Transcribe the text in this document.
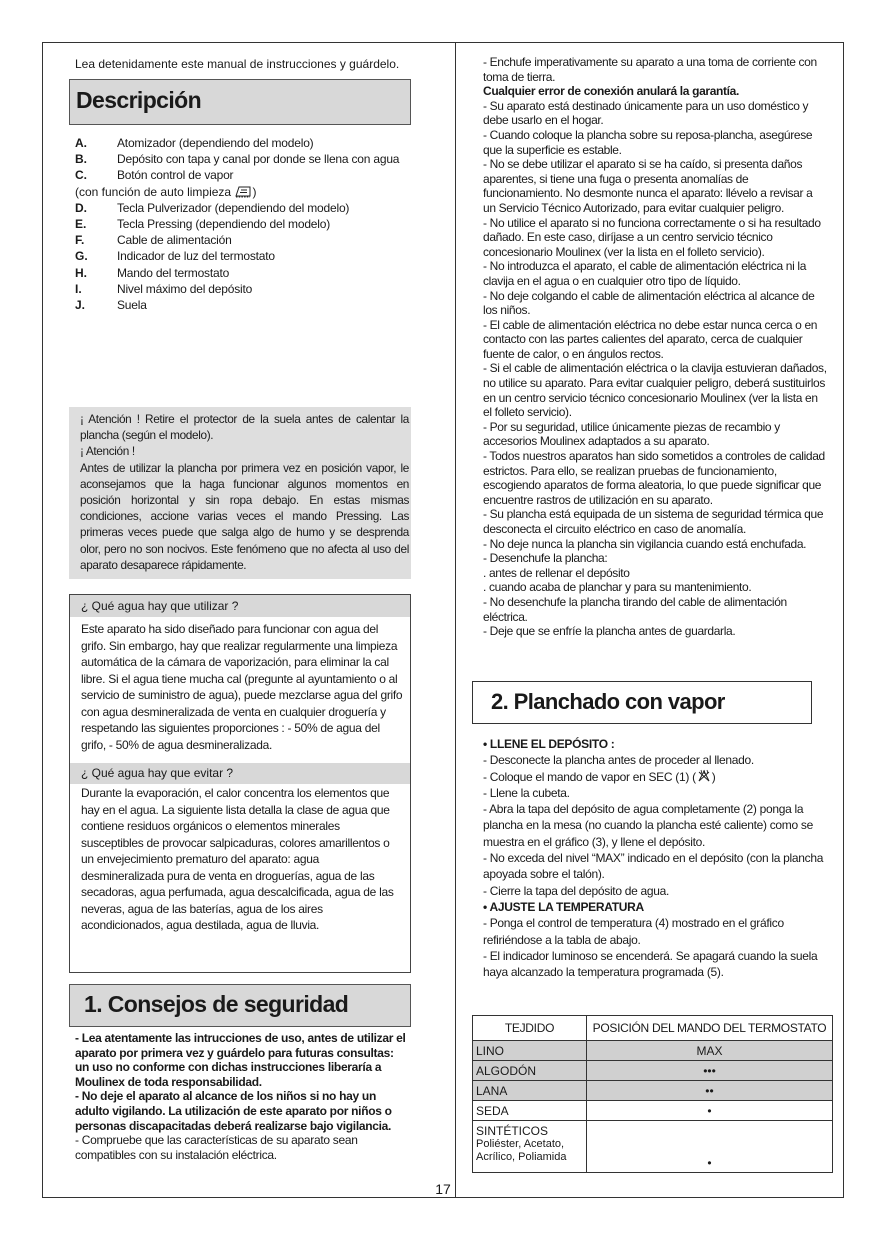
Lea detenidamente este manual de instrucciones y guárdelo.
Descripción
A.	Atomizador (dependiendo del modelo)
B.	Depósito con tapa y canal por donde se llena con agua
C.	Botón control de vapor
(con función de auto limpieza
)
D.	Tecla Pulverizador (dependiendo del modelo)
E.	Tecla Pressing (dependiendo del modelo)
F.	Cable de alimentación
G.	Indicador de luz del termostato
H.	Mando del termostato
I.	Nivel máximo del depósito
J.	Suela
¡ Atención ! Retire el protector de la suela antes de calentar la plancha (según el modelo).
¡ Atención !
Antes de utilizar la plancha por primera vez en posición vapor, le aconsejamos que la haga funcionar algunos momentos en posición horizontal y sin ropa debajo. En estas mismas condiciones, accione varias veces el mando Pressing. Las primeras veces puede que salga algo de humo y se desprenda olor, pero no son nocivos. Este fenómeno que no afecta al uso del aparato desaparece rápidamente.
¿ Qué agua hay que utilizar ?
Este aparato ha sido diseñado para funcionar con agua del grifo. Sin embargo, hay que realizar regularmente una limpieza automática de la cámara de vaporización, para eliminar la cal libre. Si el agua tiene mucha cal (pregunte al ayuntamiento o al servicio de suministro de agua), puede mezclarse agua del grifo con agua desmineralizada de venta en cualquier droguería y respetando las siguientes proporciones : - 50% de agua del grifo, - 50% de agua desmineralizada.
¿ Qué agua hay que evitar ?
Durante la evaporación, el calor concentra los elementos que hay en el agua. La siguiente lista detalla la clase de agua que contiene residuos orgánicos o elementos minerales susceptibles de provocar salpicaduras, colores amarillentos o un envejecimiento prematuro del aparato: agua desmineralizada pura de venta en droguerías, agua de las secadoras, agua perfumada, agua descalcificada, agua de las neveras, agua de las baterías, agua de los aires acondicionados, agua destilada, agua de lluvia.
1. Consejos de seguridad
- Lea atentamente las intrucciones de uso, antes de utilizar el aparato por primera vez y guárdelo para futuras consultas: un uso no conforme con dichas instrucciones liberaría a Moulinex de toda responsabilidad.
- No deje el aparato al alcance de los niños si no hay un adulto vigilando. La utilización de este aparato por niños o personas discapacitadas deberá realizarse bajo vigilancia.
- Compruebe que las características de su aparato sean compatibles con su instalación eléctrica.
- Enchufe imperativamente su aparato a una toma de corriente con toma de tierra.
Cualquier error de conexión anulará la garantía.
- Su aparato está destinado únicamente para un uso doméstico y debe usarlo en el hogar.
- Cuando coloque la plancha sobre su reposa-plancha, asegúrese que la superficie es estable.
- No se debe utilizar el aparato si se ha caído, si presenta daños aparentes, si tiene una fuga o presenta anomalías de funcionamiento. No desmonte nunca el aparato: llévelo a revisar a un Servicio Técnico Autorizado, para evitar cualquier peligro.
- No utilice el aparato si no funciona correctamente o si ha resultado dañado. En este caso, diríjase a un centro servicio técnico concesionario Moulinex (ver la lista en el folleto servicio).
- No introduzca el aparato, el cable de alimentación eléctrica ni la clavija en el agua o en cualquier otro tipo de líquido.
- No deje colgando el cable de alimentación eléctrica al alcance de los niños.
- El cable de alimentación eléctrica no debe estar nunca cerca o en contacto con las partes calientes del aparato, cerca de cualquier fuente de calor, o en ángulos rectos.
- Si el cable de alimentación eléctrica o la clavija estuvieran dañados, no utilice su aparato. Para evitar cualquier peligro, deberá sustituirlos en un centro servicio técnico concesionario Moulinex (ver la lista en el folleto servicio).
- Por su seguridad, utilice únicamente piezas de recambio y accesorios Moulinex adaptados a su aparato.
- Todos nuestros aparatos han sido sometidos a controles de calidad estrictos. Para ello, se realizan pruebas de funcionamiento, escogiendo aparatos de forma aleatoria, lo que puede significar que encuentre rastros de utilización en su aparato.
- Su plancha está equipada de un sistema de seguridad térmica que desconecta el circuito eléctrico en caso de anomalía.
- No deje nunca la plancha sin vigilancia cuando está enchufada.
- Desenchufe la plancha:
. antes de rellenar el depósito
. cuando acaba de planchar y para su mantenimiento.
- No desenchufe la plancha tirando del cable de alimentación eléctrica.
- Deje que se enfríe la plancha antes de guardarla.
2. Planchado con vapor
• LLENE EL DEPÓSITO :
- Desconecte la plancha antes de proceder al llenado.
- Coloque el mando de vapor en SEC (1) ( )
- Llene la cubeta.
- Abra la tapa del depósito de agua completamente (2) ponga la plancha en la mesa (no cuando la plancha esté caliente) como se muestra en el gráfico (3), y llene el depósito.
- No exceda del nivel “MAX” indicado en el depósito (con la plancha apoyada sobre el talón).
- Cierre la tapa del depósito de agua.
• AJUSTE LA TEMPERATURA
- Ponga el control de temperatura (4) mostrado en el gráfico refiriéndose a la tabla de abajo.
- El indicador luminoso se encenderá. Se apagará cuando la suela haya alcanzado la temperatura programada (5).
TEJDIDO	POSICIÓN DEL MANDO DEL TERMOSTATO
LINO	MAX
ALGODÓN	•••
LANA	••
SEDA	•

SINTÉTICOS
Poliéster, Acetato,
Acrílico, Poliamida	•
17
